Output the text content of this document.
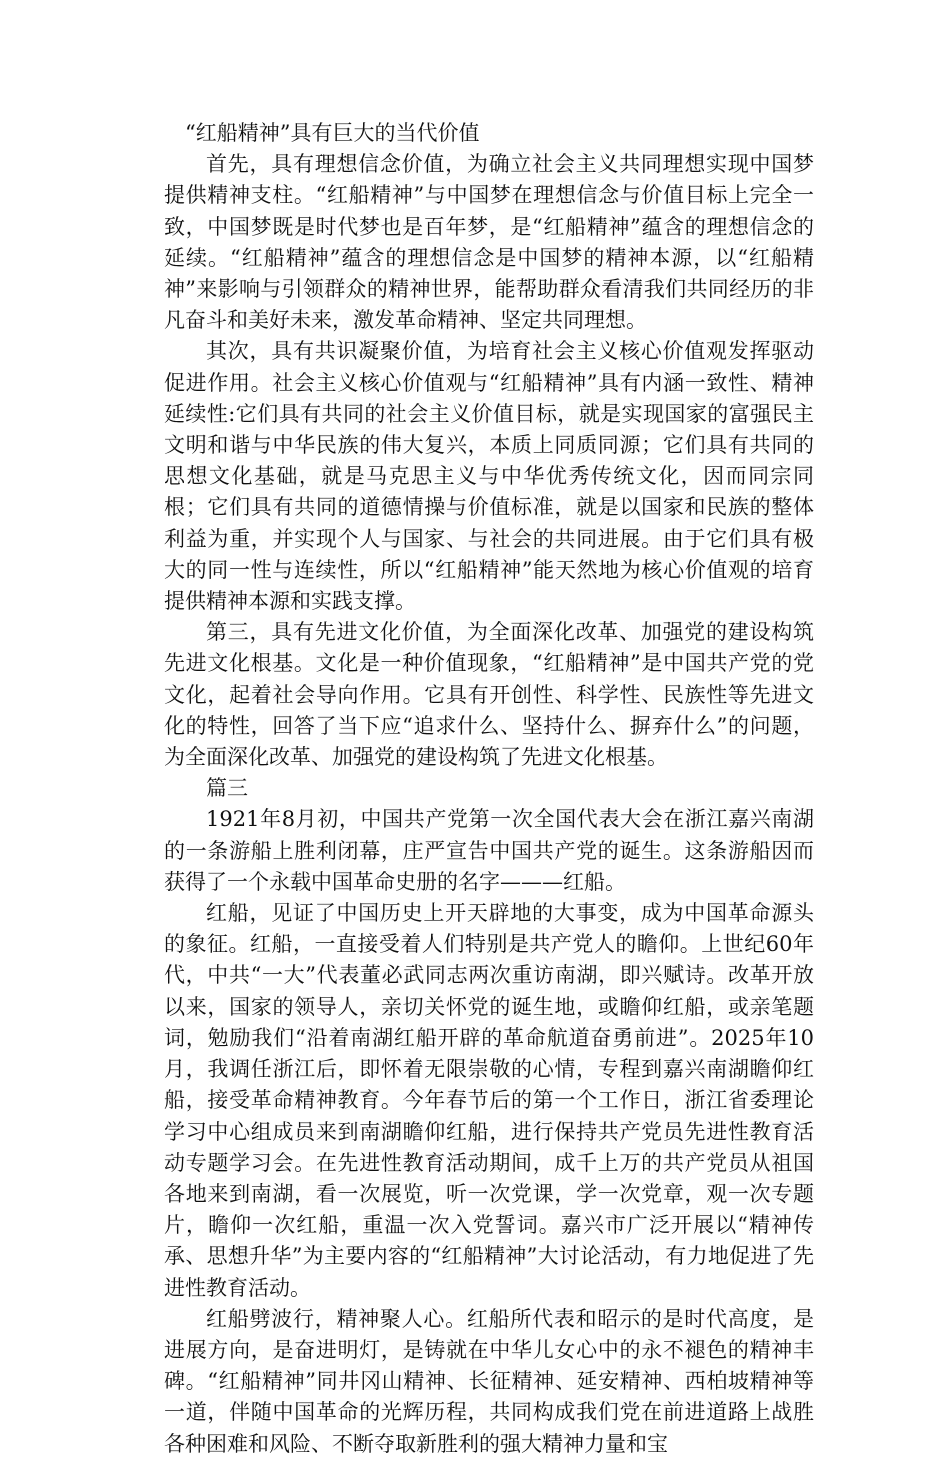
“红船精神”具有巨大的当代价值

首先，具有理想信念价值，为确立社会主义共同理想实现中国梦提供精神支柱。“红船精神”与中国梦在理想信念与价值目标上完全一致，中国梦既是时代梦也是百年梦，是“红船精神”蕴含的理想信念的延续。“红船精神”蕴含的理想信念是中国梦的精神本源，以“红船精神”来影响与引领群众的精神世界，能帮助群众看清我们共同经历的非凡奋斗和美好未来，激发革命精神、坚定共同理想。

其次，具有共识凝聚价值，为培育社会主义核心价值观发挥驱动促进作用。社会主义核心价值观与“红船精神”具有内涵一致性、精神延续性:它们具有共同的社会主义价值目标，就是实现国家的富强民主文明和谐与中华民族的伟大复兴，本质上同质同源；它们具有共同的思想文化基础，就是马克思主义与中华优秀传统文化，因而同宗同根；它们具有共同的道德情操与价值标准，就是以国家和民族的整体利益为重，并实现个人与国家、与社会的共同进展。由于它们具有极大的同一性与连续性，所以“红船精神”能天然地为核心价值观的培育提供精神本源和实践支撑。

第三，具有先进文化价值，为全面深化改革、加强党的建设构筑先进文化根基。文化是一种价值现象，“红船精神”是中国共产党的党文化，起着社会导向作用。它具有开创性、科学性、民族性等先进文化的特性，回答了当下应“追求什么、坚持什么、摒弃什么”的问题，为全面深化改革、加强党的建设构筑了先进文化根基。

篇三

1921年8月初，中国共产党第一次全国代表大会在浙江嘉兴南湖的一条游船上胜利闭幕，庄严宣告中国共产党的诞生。这条游船因而获得了一个永载中国革命史册的名字———红船。

红船，见证了中国历史上开天辟地的大事变，成为中国革命源头的象征。红船，一直接受着人们特别是共产党人的瞻仰。上世纪60年代，中共“一大”代表董必武同志两次重访南湖，即兴赋诗。改革开放以来，国家的领导人，亲切关怀党的诞生地，或瞻仰红船，或亲笔题词，勉励我们“沿着南湖红船开辟的革命航道奋勇前进”。2025年10月，我调任浙江后，即怀着无限崇敬的心情，专程到嘉兴南湖瞻仰红船，接受革命精神教育。今年春节后的第一个工作日，浙江省委理论学习中心组成员来到南湖瞻仰红船，进行保持共产党员先进性教育活动专题学习会。在先进性教育活动期间，成千上万的共产党员从祖国各地来到南湖，看一次展览，听一次党课，学一次党章，观一次专题片，瞻仰一次红船，重温一次入党誓词。嘉兴市广泛开展以“精神传承、思想升华”为主要内容的“红船精神”大讨论活动，有力地促进了先进性教育活动。

红船劈波行，精神聚人心。红船所代表和昭示的是时代高度，是进展方向，是奋进明灯，是铸就在中华儿女心中的永不褪色的精神丰碑。“红船精神”同井冈山精神、长征精神、延安精神、西柏坡精神等一道，伴随中国革命的光辉历程，共同构成我们党在前进道路上战胜各种困难和风险、不断夺取新胜利的强大精神力量和宝
